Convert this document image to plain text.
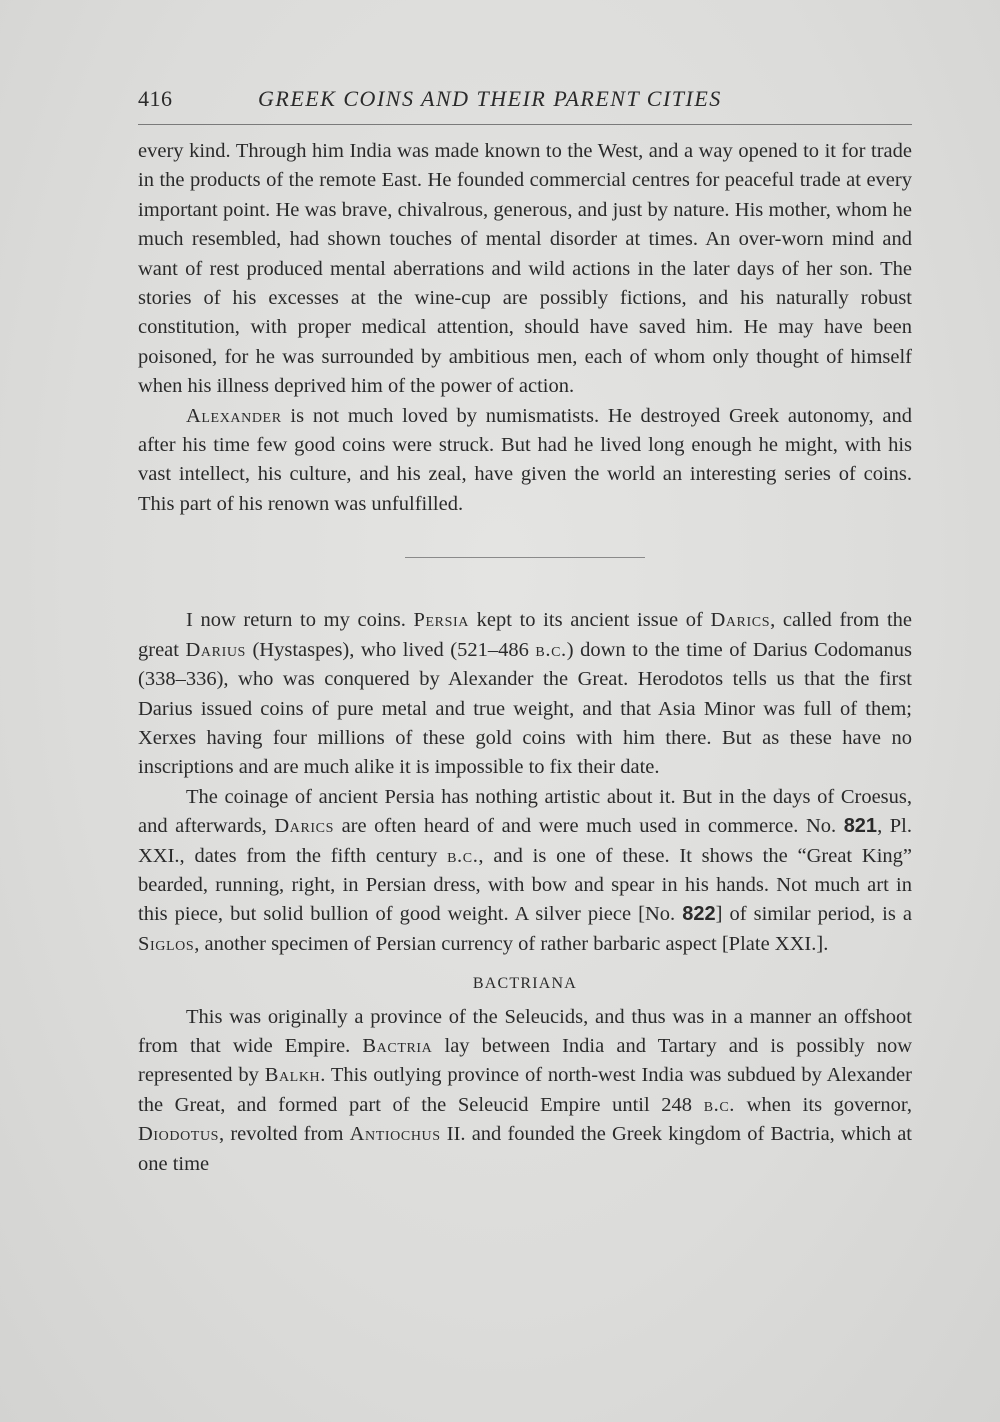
416	GREEK COINS AND THEIR PARENT CITIES

every kind. Through him India was made known to the West, and a way opened to it for trade in the products of the remote East. He founded commercial centres for peaceful trade at every important point. He was brave, chivalrous, generous, and just by nature. His mother, whom he much resembled, had shown touches of mental disorder at times. An over-worn mind and want of rest produced mental aberrations and wild actions in the later days of her son. The stories of his excesses at the wine-cup are possibly fictions, and his naturally robust constitution, with proper medical attention, should have saved him. He may have been poisoned, for he was surrounded by ambitious men, each of whom only thought of himself when his illness deprived him of the power of action.

Alexander is not much loved by numismatists. He destroyed Greek autonomy, and after his time few good coins were struck. But had he lived long enough he might, with his vast intellect, his culture, and his zeal, have given the world an interesting series of coins. This part of his renown was unfulfilled.

I now return to my coins. Persia kept to its ancient issue of Darics, called from the great Darius (Hystaspes), who lived (521–486 b.c.) down to the time of Darius Codomanus (338–336), who was conquered by Alexander the Great. Herodotos tells us that the first Darius issued coins of pure metal and true weight, and that Asia Minor was full of them; Xerxes having four millions of these gold coins with him there. But as these have no inscriptions and are much alike it is impossible to fix their date.

The coinage of ancient Persia has nothing artistic about it. But in the days of Croesus, and afterwards, Darics are often heard of and were much used in commerce. No. 821, Pl. XXI., dates from the fifth century b.c., and is one of these. It shows the “Great King” bearded, running, right, in Persian dress, with bow and spear in his hands. Not much art in this piece, but solid bullion of good weight. A silver piece [No. 822] of similar period, is a Siglos, another specimen of Persian currency of rather barbaric aspect [Plate XXI.].

BACTRIANA

This was originally a province of the Seleucids, and thus was in a manner an offshoot from that wide Empire. Bactria lay between India and Tartary and is possibly now represented by Balkh. This outlying province of north-west India was subdued by Alexander the Great, and formed part of the Seleucid Empire until 248 b.c. when its governor, Diodotus, revolted from Antiochus II. and founded the Greek kingdom of Bactria, which at one time
